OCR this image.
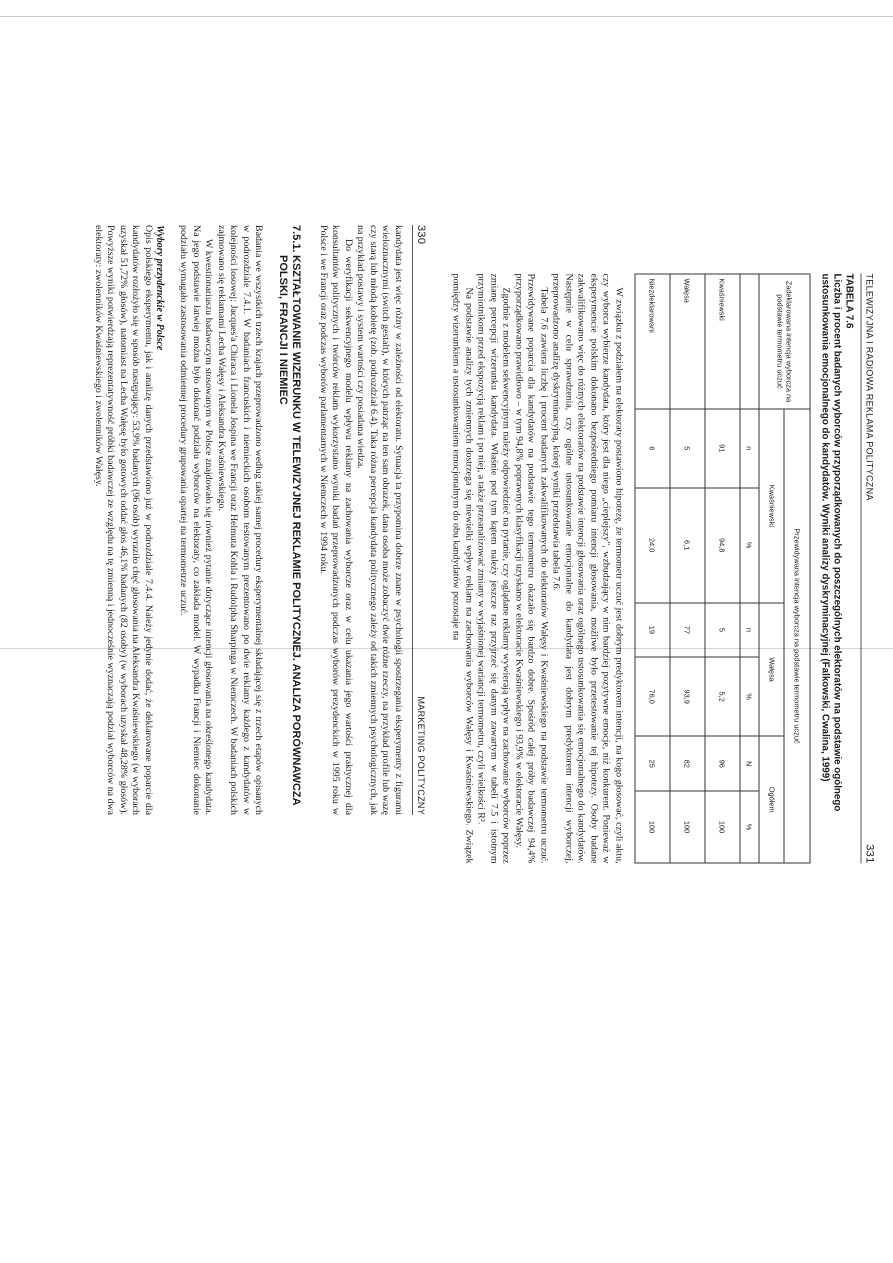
330
MARKETING POLITYCZNY

kandydata jest więc różny w zależności od elektoratu. Sytuacja ta przypomina dobrze znane w psychologii spostrzegania eksperymenty z figurami wieloznacznymi (switch gestalt), w których patrząc na ten sam obrazek, dana osoba może zobaczyć dwie różne rzeczy, na przykład profile lub wazę czy starą lub młodą kobietę (zob. podrozdział 6.4). Taka różna percepcja kandydata politycznego zależy od takich zmiennych psychologicznych, jak na przykład postawy i system wartości czy posiadana wiedza.

Do weryfikacji sekwencyjnego modelu wpływu reklamy na zachowania wyborcze oraz w celu ukazania jego wartości praktycznej dla konsultantów politycznych i twórców reklam wykorzystano wyniki badań przeprowadzonych podczas wyborów prezydenckich w 1995 roku w Polsce i we Francji oraz podczas wyborów parlamentarnych w Niemczech w 1994 roku.

7.5.1.
KSZTAŁTOWANIE WIZERUNKU W TELEWIZYJNEJ REKLAMIE POLITYCZNEJ. ANALIZA PORÓWNAWCZA POLSKI, FRANCJI I NIEMIEC

Badania we wszystkich trzech krajach przeprowadzono według takiej samej procedury eksperymentalnej składającej się z trzech etapów opisanych w podrozdziale 7.4.1. W badaniach francuskich i niemieckich osobom testowanym prezentowano po dwie reklamy każdego z kandydatów w kolejności losowej: Jacques'a Chiraca i Lionela Jospina we Francji oraz Helmuta Kohla i Rudolpha Sharpinga w Niemczech. W badaniach polskich zajmowano się reklamami Lecha Wałęsy i Aleksandra Kwaśniewskiego.

W kwestionariuszu badawczym stosowanym w Polsce znajdowało się również pytanie dotyczące intencji głosowania na określonego kandydata. Na jego podstawie łatwiej można było dokonać podziału wyborców na elektoraty, co zakłada model. W wypadku Francji i Niemiec dokonanie podziału wymagało zastosowania odmiennej procedury grupowania opartej na termometrze uczuć.

Wybory prezydenckie w Polsce

Opis polskiego eksperymentu, jak i analizę danych przedstawiono już w podrozdziale 7.4.4. Należy jedynie dodać, że deklarowane poparcie dla kandydatów rozłożyło się w sposób następujący: 53,9% badanych (96 osób) wyraziło chęć głosowania na Aleksandra Kwaśniewskiego (w wyborach uzyskał 51,72% głosów), natomiast na Lecha Wałęsę było gotowych oddać głos 46,1% badanych (82 osoby) (w wyborach uzyskał 48,28% głosów). Powyższe wyniki potwierdzają reprezentatywność próbki badawczej ze względu na tę zmienną i jednocześnie wyznaczają podział wyborców na dwa elektoraty: zwolenników Kwaśniewskiego i zwolenników Wałęsy.	TELEWIZYJNA I RADIOWA REKLAMA POLITYCZNA
331
TABELA 7.6
Liczba i procent badanych wyborców przyporządkowanych do poszczególnych elektoratów na podstawie ogólnego ustosunkowania emocjonalnego do kandydatów. Wyniki analizy dyskryminacyjnej (Falkowski, Cwalina, 1999)
Zadeklarowana intencja wyborcza na podstawie termometru uczuć	Przewidywana intencja wyborcza na podstawie termometru uczuć					
	Kwaśniewski		Wałęsa		Ogółem	
	n	%	n	%	N	%
Kwaśniewski	91	94,8	5	5,2	96	100
Wałęsa	5	6,1	77	93,9	82	100
Niezdeklarowani	6	24,0	19	76,0	25	100

W związku z podziałem na elektoraty postawiono hipotezę, że termometr uczuć jest dobrym predyktorem intencji, na kogo głosować, czyli aktu, czy wyborca wybierze kandydata, który jest dla niego „cieplejszy", wzbudzający w nim bardziej pozytywne emocje, niż konkurent. Ponieważ w eksperymencie polskim dokonano bezpośredniego pomiaru intencji głosowania, możliwe było przetestowanie tej hipotezy. Osoby badane zakwalifikowano więc do różnych elektoratów na podstawie intencji głosowania oraz ogólnego ustosunkowania się emocjonalnego do kandydatów. Następnie w celu sprawdzenia, czy ogólne ustosunkowanie emocjonalne do kandydata jest dobrym predyktorem intencji wyborczej, przeprowadzono analizę dyskryminacyjną, której wyniki przedstawia tabela 7.6.

Tabela 7.6 zawiera liczbę i procent badanych zakwalifikowanych do elektoratów Wałęsy i Kwaśniewskiego na podstawie termometru uczuć. Przewidywane poparcia dla kandydatów na podstawie tego termometru okazało się bardzo dobre. Spośród całej próby badawczej 94,4% przyporządkowano prawidłowo – w tym 94,8% poprawnych klasyfikacji uzyskano w elektoracie Kwaśniewskiego i 93,9% w elektoracie Wałęsy.

Zgodnie z modelem sekwencyjnym należy odpowiedzieć na pytanie, czy oglądane reklamy wywierają wpływ na zachowanie wyborców poprzez zmianę percepcji wizerunku kandydata. Właśnie pod tym kątem należy jeszcze raz przyjrzeć się danym zawartym w tabeli 7.5 i istotnym przymiotnikom przed ekspozycją reklam i po niej, a także przeanalizować zmiany w wyjaśnionej wariancji termometru, czyli wielkości R².

Na podstawie analizy tych zmiennych dostrzega się niewielki wpływ reklam na zachowania wyborców Wałęsy i Kwaśniewskiego. Związek pomiędzy wizerunkiem a ustosunkowaniem emocjonalnym do obu kandydatów pozostaje na
